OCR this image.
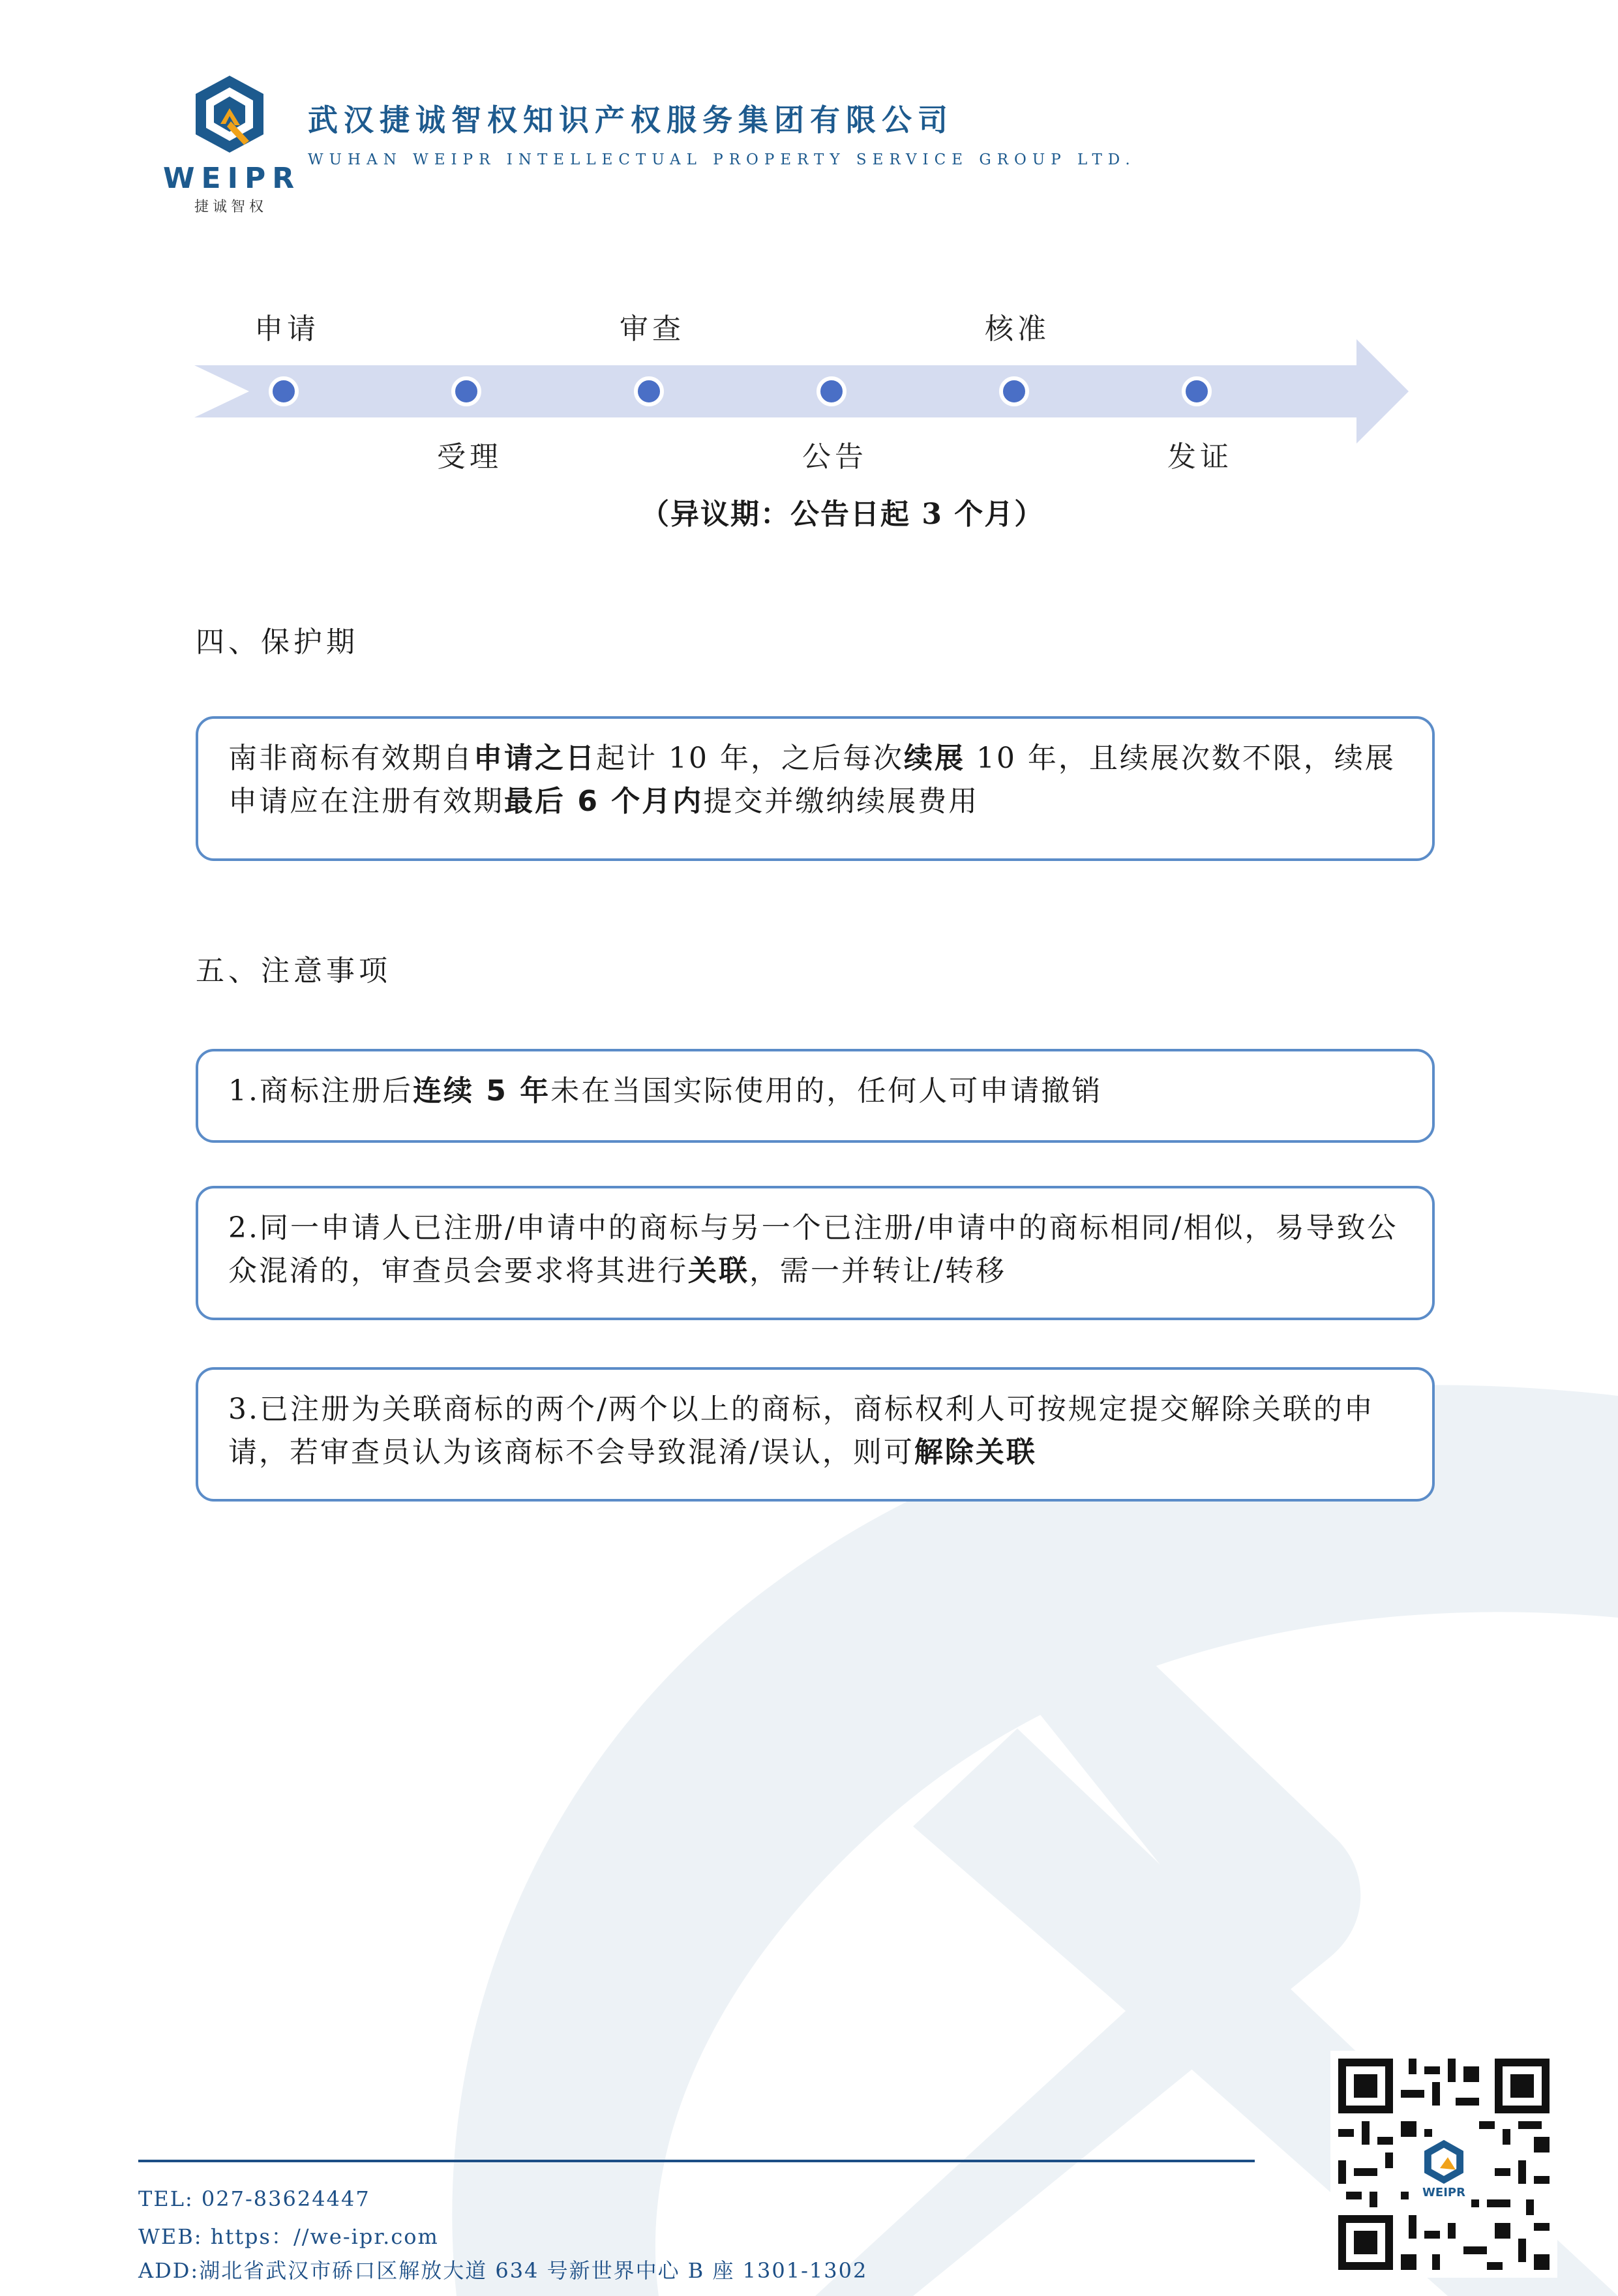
WEIPR
捷诚智权
武汉捷诚智权知识产权服务集团有限公司
WUHAN WEIPR INTELLECTUAL PROPERTY SERVICE GROUP LTD.
申请
受理
审查
公告
核准
发证
（异议期：公告日起 3 个月）
四、保护期
南非商标有效期自申请之日起计 10 年，之后每次续展 10 年，且续展次数不限，续展申请应在注册有效期最后 6 个月内提交并缴纳续展费用
五、注意事项
1.商标注册后连续 5 年未在当国实际使用的，任何人可申请撤销
2.同一申请人已注册/申请中的商标与另一个已注册/申请中的商标相同/相似，易导致公众混淆的，审查员会要求将其进行关联，需一并转让/转移
3.已注册为关联商标的两个/两个以上的商标，商标权利人可按规定提交解除关联的申请，若审查员认为该商标不会导致混淆/误认，则可解除关联
TEL: 027-83624447
WEB: https：//we-ipr.com
ADD:湖北省武汉市硚口区解放大道 634 号新世界中心 B 座 1301-1302
WEIPR
